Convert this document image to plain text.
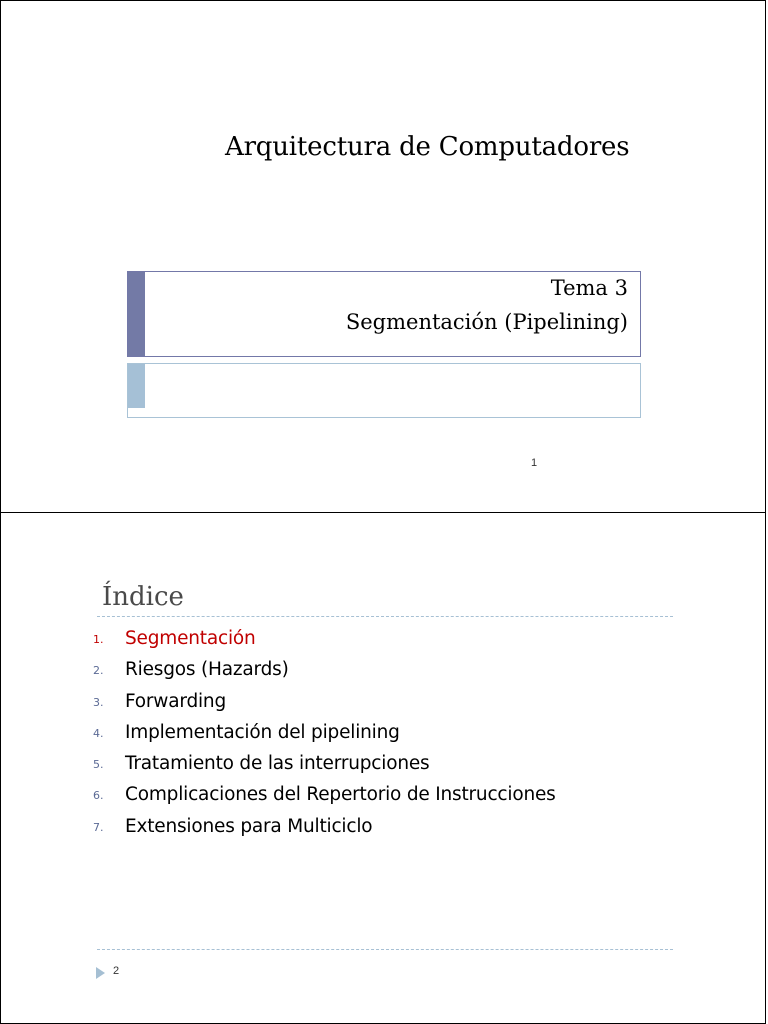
Arquitectura de Computadores
Tema 3
Segmentación (Pipelining)
1
Índice
1.	Segmentación
2.	Riesgos (Hazards)
3.	Forwarding
4.	Implementación del pipelining
5.	Tratamiento de las interrupciones
6.	Complicaciones del Repertorio de Instrucciones
7.	Extensiones para Multiciclo
2
